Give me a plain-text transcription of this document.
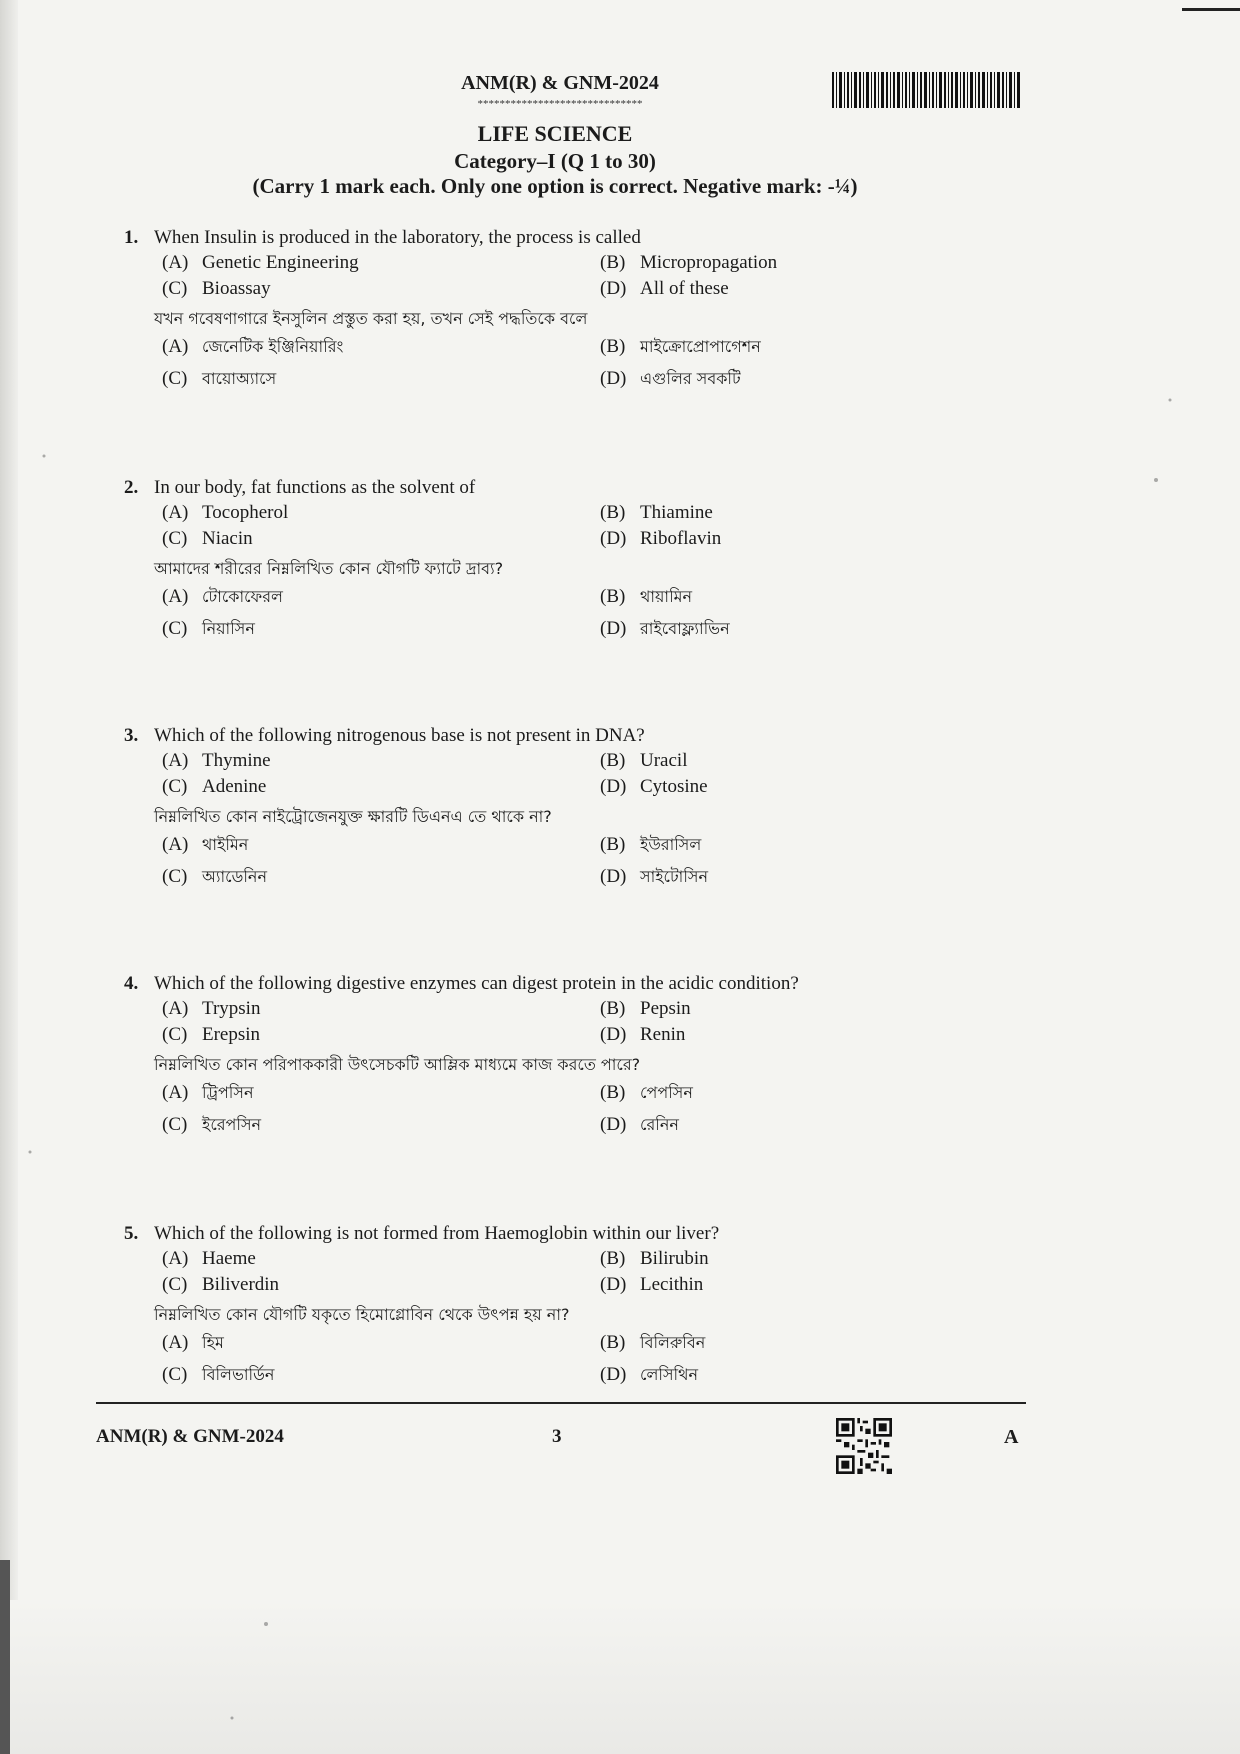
ANM(R) & GNM-2024
******************************
LIFE SCIENCE
Category–I (Q 1 to 30)
(Carry 1 mark each. Only one option is correct. Negative mark: -¼)
1. When Insulin is produced in the laboratory, the process is called
(A) Genetic Engineering	(B) Micropropagation
(C) Bioassay	(D) All of these
যখন গবেষণাগারে ইনসুলিন প্রস্তুত করা হয়, তখন সেই পদ্ধতিকে বলে
(A) জেনেটিক ইঞ্জিনিয়ারিং	(B) মাইক্রোপ্রোপাগেশন
(C) বায়োঅ্যাসে	(D) এগুলির সবকটি
2. In our body, fat functions as the solvent of
(A) Tocopherol	(B) Thiamine
(C) Niacin	(D) Riboflavin
আমাদের শরীরের নিম্নলিখিত কোন যৌগটি ফ্যাটে দ্রাব্য?
(A) টোকোফেরল	(B) থায়ামিন
(C) নিয়াসিন	(D) রাইবোফ্ল্যাভিন
3. Which of the following nitrogenous base is not present in DNA?
(A) Thymine	(B) Uracil
(C) Adenine	(D) Cytosine
নিম্নলিখিত কোন নাইট্রোজেনযুক্ত ক্ষারটি ডিএনএ তে থাকে না?
(A) থাইমিন	(B) ইউরাসিল
(C) অ্যাডেনিন	(D) সাইটোসিন
4. Which of the following digestive enzymes can digest protein in the acidic condition?
(A) Trypsin	(B) Pepsin
(C) Erepsin	(D) Renin
নিম্নলিখিত কোন পরিপাককারী উৎসেচকটি আম্লিক মাধ্যমে কাজ করতে পারে?
(A) ট্রিপসিন	(B) পেপসিন
(C) ইরেপসিন	(D) রেনিন
5. Which of the following is not formed from Haemoglobin within our liver?
(A) Haeme	(B) Bilirubin
(C) Biliverdin	(D) Lecithin
নিম্নলিখিত কোন যৌগটি যকৃতে হিমোগ্লোবিন থেকে উৎপন্ন হয় না?
(A) হিম	(B) বিলিরুবিন
(C) বিলিভার্ডিন	(D) লেসিথিন
ANM(R) & GNM-2024	3	A
